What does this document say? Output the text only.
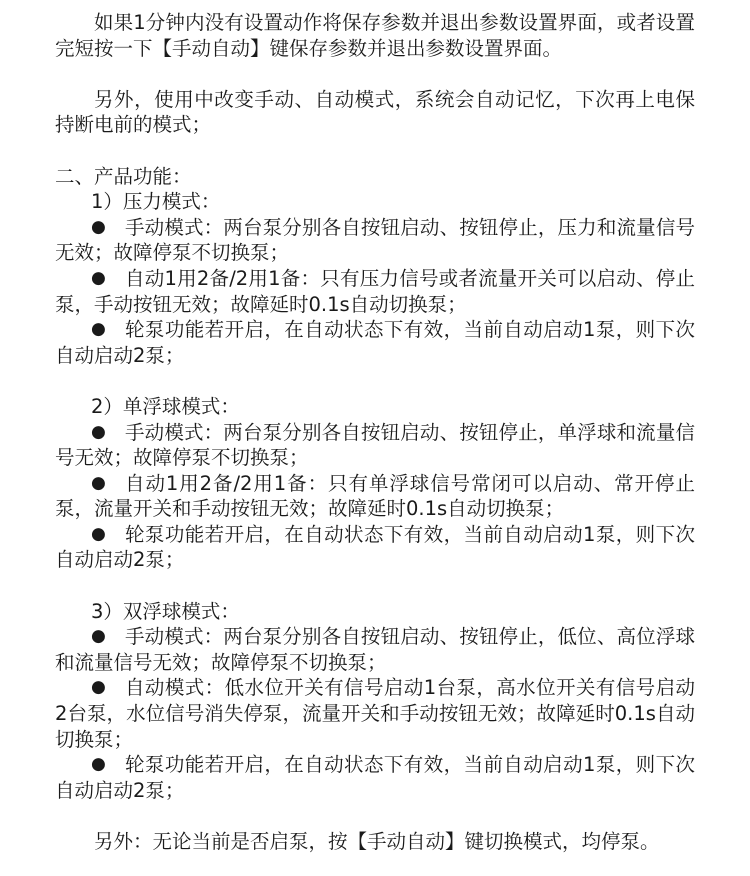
如果1分钟内没有设置动作将保存参数并退出参数设置界面，或者设置完短按一下【手动自动】键保存参数并退出参数设置界面。

另外，使用中改变手动、自动模式，系统会自动记忆，下次再上电保持断电前的模式；

二、产品功能：

1）压力模式：

● 手动模式：两台泵分别各自按钮启动、按钮停止，压力和流量信号无效；故障停泵不切换泵；

● 自动1用2备/2用1备：只有压力信号或者流量开关可以启动、停止泵，手动按钮无效；故障延时0.1s自动切换泵；

● 轮泵功能若开启，在自动状态下有效，当前自动启动1泵，则下次自动启动2泵；

2）单浮球模式：

● 手动模式：两台泵分别各自按钮启动、按钮停止，单浮球和流量信号无效；故障停泵不切换泵；

● 自动1用2备/2用1备：只有单浮球信号常闭可以启动、常开停止泵，流量开关和手动按钮无效；故障延时0.1s自动切换泵；

● 轮泵功能若开启，在自动状态下有效，当前自动启动1泵，则下次自动启动2泵；

3）双浮球模式：

● 手动模式：两台泵分别各自按钮启动、按钮停止，低位、高位浮球和流量信号无效；故障停泵不切换泵；

● 自动模式：低水位开关有信号启动1台泵，高水位开关有信号启动2台泵，水位信号消失停泵，流量开关和手动按钮无效；故障延时0.1s自动切换泵；

● 轮泵功能若开启，在自动状态下有效，当前自动启动1泵，则下次自动启动2泵；

另外：无论当前是否启泵，按【手动自动】键切换模式，均停泵。
